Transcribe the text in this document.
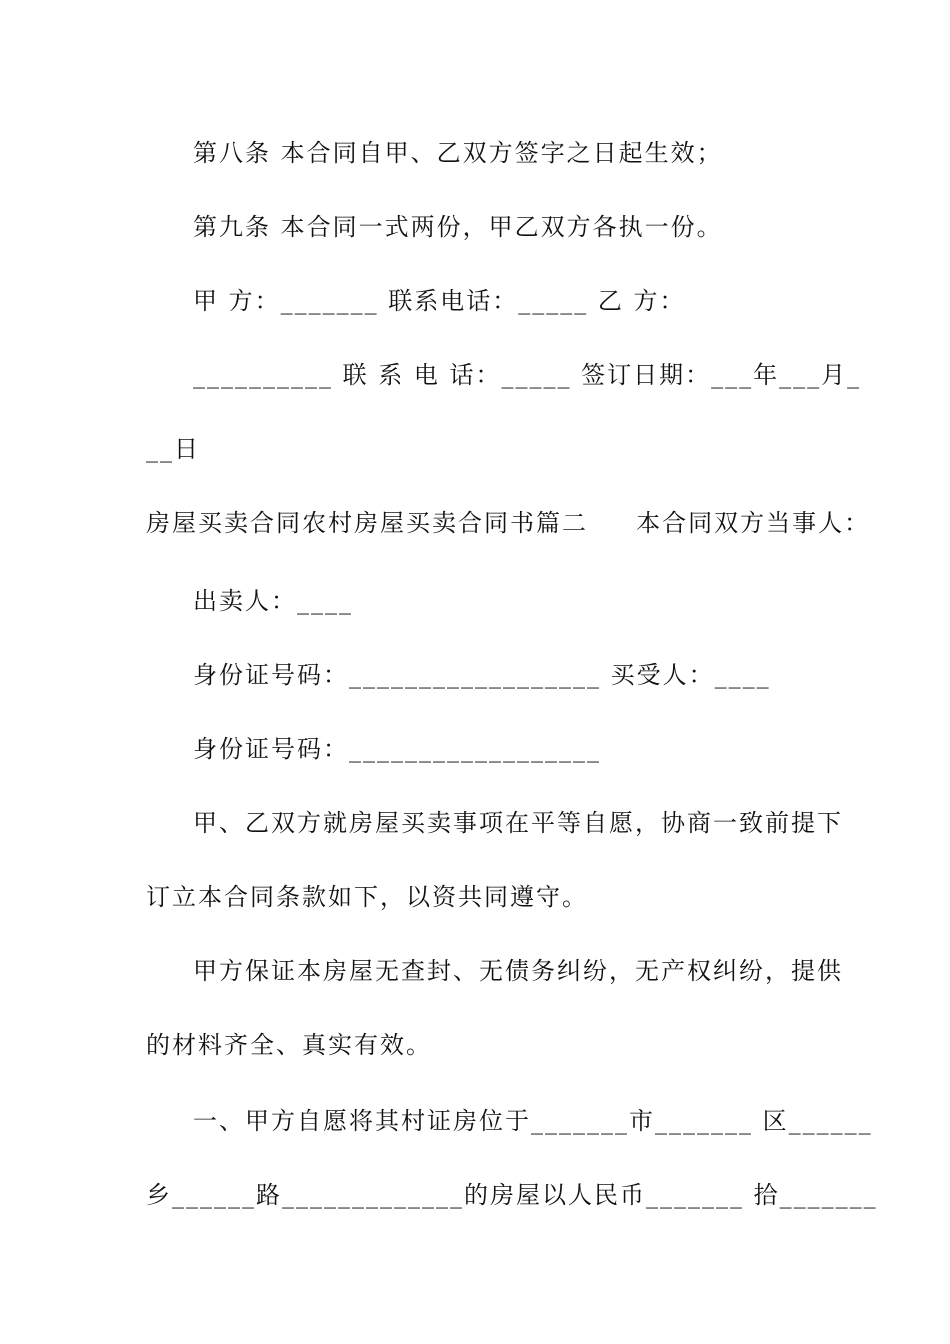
第八条 本合同自甲、乙双方签字之日起生效；
第九条 本合同一式两份，甲乙双方各执一份。
甲 方：_______ 联系电话：_____ 乙 方：
__________ 联 系 电 话：_____ 签订日期：___年___月_
__日
房屋买卖合同农村房屋买卖合同书篇二     本合同双方当事人：
出卖人：____
身份证号码：__________________ 买受人：____
身份证号码：__________________
甲、乙双方就房屋买卖事项在平等自愿，协商一致前提下
订立本合同条款如下，以资共同遵守。
甲方保证本房屋无查封、无债务纠纷，无产权纠纷，提供
的材料齐全、真实有效。
一、甲方自愿将其村证房位于_______市_______ 区______
乡______路_____________的房屋以人民币_______ 拾_______
